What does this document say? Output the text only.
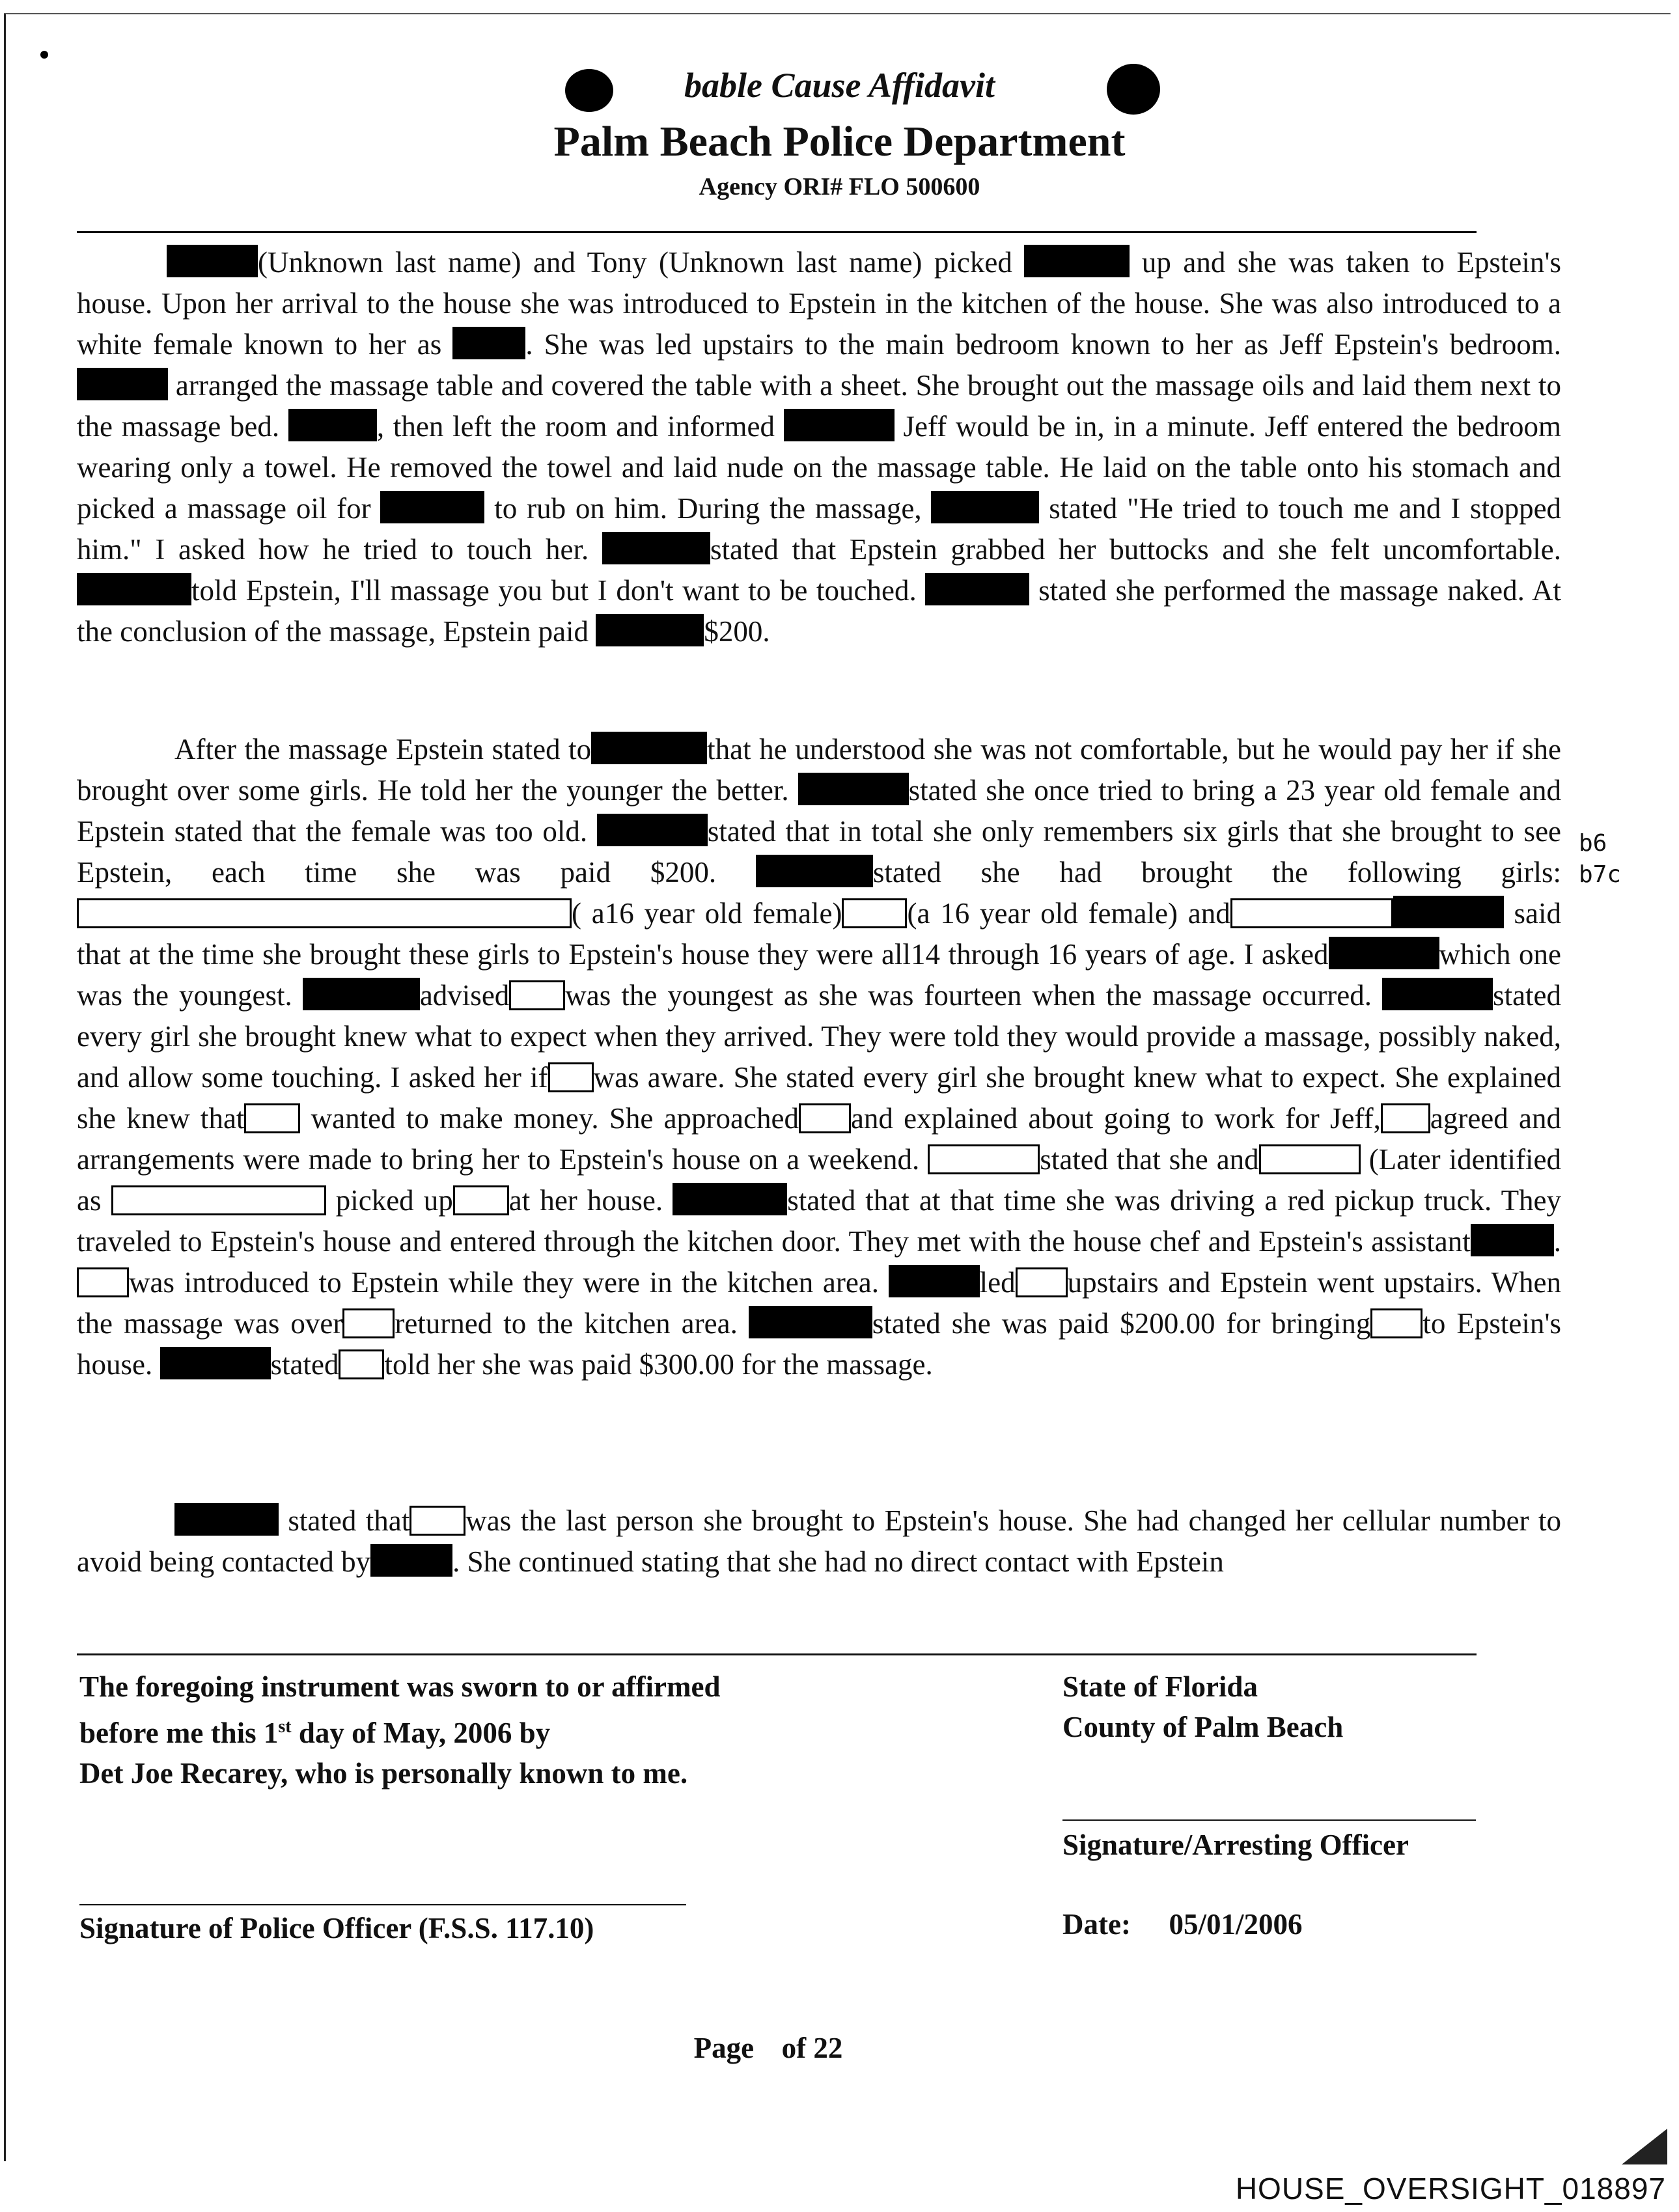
bable Cause Affidavit
Palm Beach Police Department
Agency ORI# FLO 500600
b6
b7c

(Unknown last name) and Tony (Unknown last name) picked	up and she was taken to Epstein's house. Upon her arrival to the house she was introduced to Epstein in the kitchen of the house. She was also introduced to a white female known to her as	. She was led upstairs to the main bedroom known to her as Jeff Epstein's bedroom.  arranged the massage table and covered the table with a sheet. She brought out the massage oils and laid them next to the massage bed.	, then left the room and informed	Jeff would be in, in a minute. Jeff entered the bedroom wearing only a towel. He removed the towel and laid nude on the massage table. He laid on the table onto his stomach and picked a massage oil for	to rub on him. During the massage,	stated "He tried to touch me and I stopped him." I asked how he tried to touch her.	stated that Epstein grabbed her buttocks and she felt uncomfortable. told Epstein, I'll massage you but I don't want to be touched.	stated she performed the massage naked. At the conclusion of the massage, Epstein paid	$200.

After the massage Epstein stated to	that he understood she was not comfortable, but he would pay her if she brought over some girls. He told her the younger the better.	stated she once tried to bring a 23 year old female and Epstein stated that the female was too old.	stated that in total she only remembers six girls that she brought to see Epstein, each time she was paid $200.	stated she had brought the following girls:( a16 year old female) (a 16 year old female) and	said that at the time she brought these girls to Epstein's house they were all14 through 16 years of age. I asked	which one was the youngest.	advised was the youngest as she was fourteen when the massage occurred.	stated every girl she brought knew what to expect when they arrived. They were told they would provide a massage, possibly naked, and allow some touching. I asked her if was aware. She stated every girl she brought knew what to expect. She explained she knew that wanted to make money. She approached and explained about going to work for Jeff, agreed and arrangements were made to bring her to Epstein's house on a weekend.	stated that she and	(Later identified as	picked up at her house.	stated that at that time she was driving a red pickup truck. They traveled to Epstein's house and entered through the kitchen door. They met with the house chef and Epstein's assistant	. was introduced to Epstein while they were in the kitchen area.	led upstairs and Epstein went upstairs. When the massage was over returned to the kitchen area.	stated she was paid $200.00 for bringing to Epstein's house.	stated told her she was paid $300.00 for the massage.

stated that was the last person she brought to Epstein's house. She had changed her cellular number to avoid being contacted by	. She continued stating that she had no direct contact with Epstein

The foregoing instrument was sworn to or affirmed
before me this 1st day of May, 2006 by
Det Joe Recarey, who is personally known to me.
State of Florida
County of Palm Beach
Signature/Arresting Officer
Signature of Police Officer (F.S.S. 117.10)	Date: 05/01/2006
Page of 22
HOUSE_OVERSIGHT_018897
